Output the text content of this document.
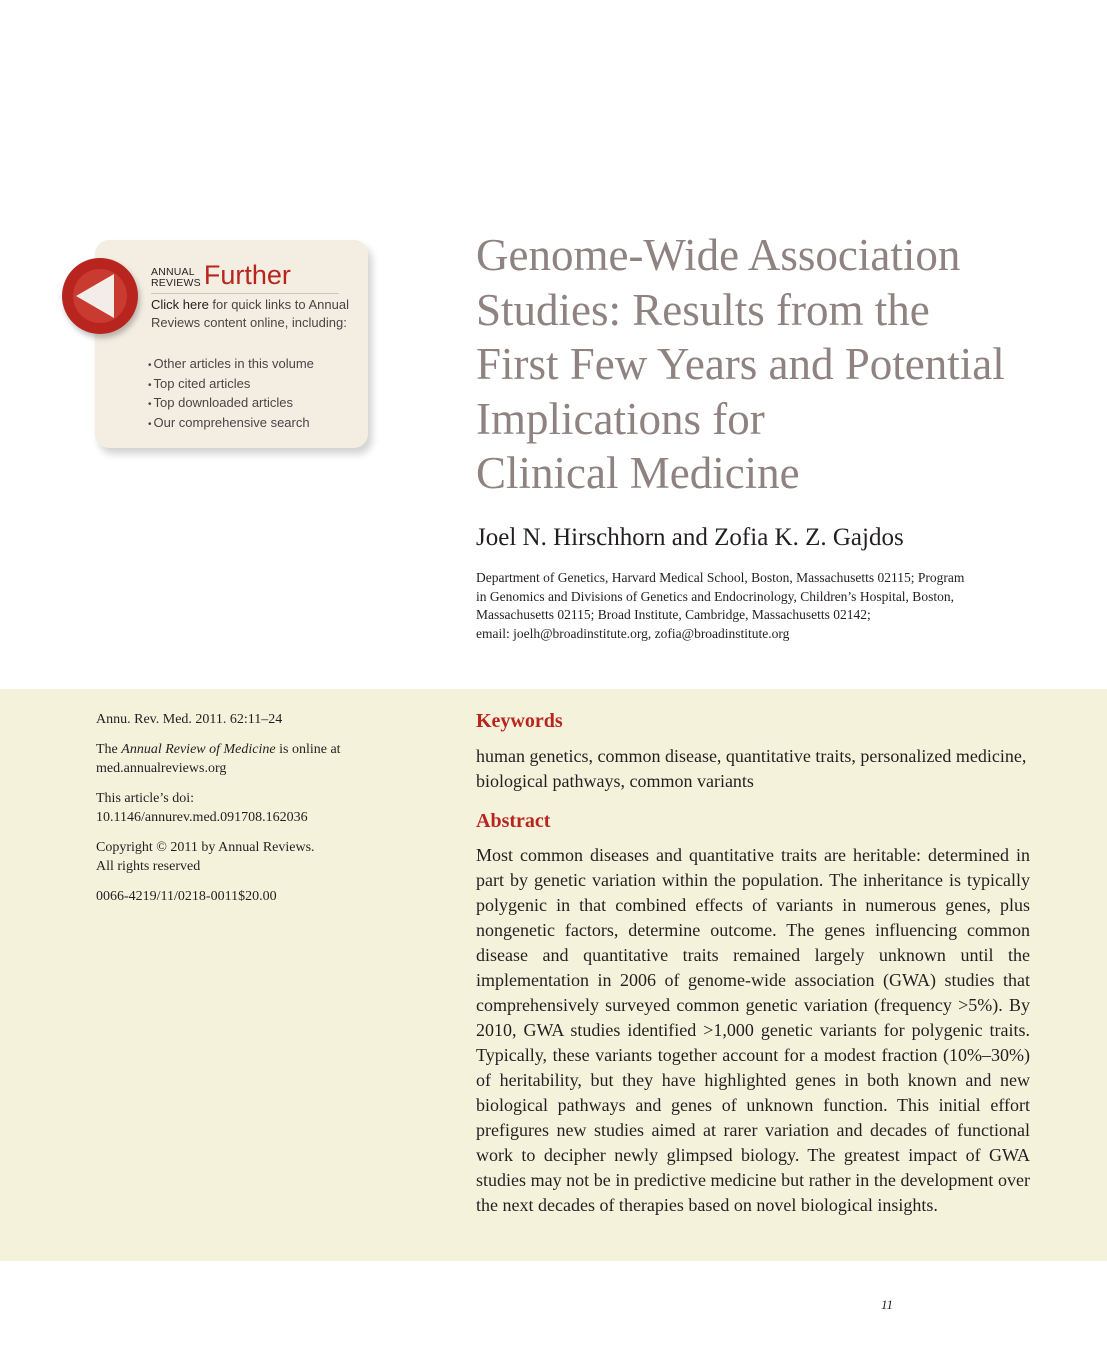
ANNUAL
REVIEWS Further
Click here for quick links to Annual Reviews content online, including:
• Other articles in this volume
• Top cited articles
• Top downloaded articles
• Our comprehensive search
Genome-Wide Association
Studies: Results from the
First Few Years and Potential
Implications for
Clinical Medicine
Joel N. Hirschhorn and Zofia K. Z. Gajdos
Department of Genetics, Harvard Medical School, Boston, Massachusetts 02115; Program
in Genomics and Divisions of Genetics and Endocrinology, Children’s Hospital, Boston,
Massachusetts 02115; Broad Institute, Cambridge, Massachusetts 02142;
email: joelh@broadinstitute.org, zofia@broadinstitute.org

Annu. Rev. Med. 2011. 62:11–24

The Annual Review of Medicine is online at
med.annualreviews.org

This article’s doi:
10.1146/annurev.med.091708.162036

Copyright © 2011 by Annual Reviews.
All rights reserved

0066-4219/11/0218-0011$20.00

Keywords
human genetics, common disease, quantitative traits, personalized medicine, biological pathways, common variants
Abstract

Most common diseases and quantitative traits are heritable: determined in part by genetic variation within the population. The inheritance is typically polygenic in that combined effects of variants in numerous genes, plus nongenetic factors, determine outcome. The genes influencing common disease and quantitative traits remained largely unknown until the implementation in 2006 of genome-wide association (GWA) studies that comprehensively surveyed common genetic variation (frequency >5%). By 2010, GWA studies identified >1,000 genetic variants for polygenic traits. Typically, these variants together account for a modest fraction (10%–30%) of heritability, but they have highlighted genes in both known and new biological pathways and genes of unknown function. This initial effort prefigures new studies aimed at rarer variation and decades of functional work to decipher newly glimpsed biology. The greatest impact of GWA studies may not be in predictive medicine but rather in the development over the next decades of therapies based on novel biological insights.

11
